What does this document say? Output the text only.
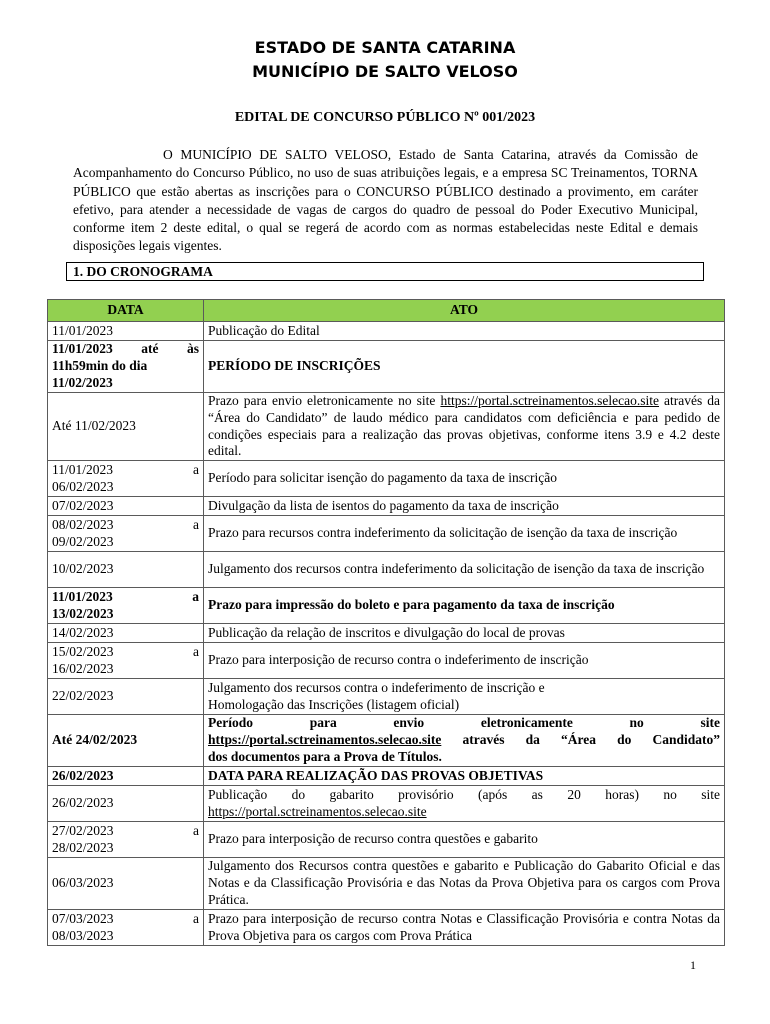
ESTADO DE SANTA CATARINA
MUNICÍPIO DE SALTO VELOSO
EDITAL DE CONCURSO PÚBLICO Nº 001/2023

O MUNICÍPIO DE SALTO VELOSO, Estado de Santa Catarina, através da Comissão de Acompanhamento do Concurso Público, no uso de suas atribuições legais, e a empresa SC Treinamentos, TORNA PÚBLICO que estão abertas as inscrições para o CONCURSO PÚBLICO destinado a provimento, em caráter efetivo, para atender a necessidade de vagas de cargos do quadro de pessoal do Poder Executivo Municipal, conforme item 2 deste edital, o qual se regerá de acordo com as normas estabelecidas neste Edital e demais disposições legais vigentes.

1. DO CRONOGRAMA
DATA	ATO
11/01/2023	Publicação do Edital

11/01/2023 até às
11h59min do dia
11/02/2023	PERÍODO DE INSCRIÇÕES
Até 11/02/2023	Prazo para envio eletronicamente no site https://portal.sctreinamentos.selecao.site através da “Área do Candidato” de laudo médico para candidatos com deficiência e para pedido de condições especiais para a realização das provas objetivas, conforme itens 3.9 e 4.2 deste edital.

11/01/2023 a
06/02/2023	Período para solicitar isenção do pagamento da taxa de inscrição
07/02/2023	Divulgação da lista de isentos do pagamento da taxa de inscrição

08/02/2023 a
09/02/2023	Prazo para recursos contra indeferimento da solicitação de isenção da taxa de inscrição
10/02/2023	Julgamento dos recursos contra indeferimento da solicitação de isenção da taxa de inscrição

11/01/2023 a
13/02/2023	Prazo para impressão do boleto e para pagamento da taxa de inscrição
14/02/2023	Publicação da relação de inscritos e divulgação do local de provas

15/02/2023 a
16/02/2023	Prazo para interposição de recurso contra o indeferimento de inscrição
22/02/2023	Julgamento dos recursos contra o indeferimento de inscrição e
Homologação das Inscrições (listagem oficial)

Até 24/02/2023	Período para envio eletronicamente no site
https://portal.sctreinamentos.selecao.site através da “Área do Candidato”
dos documentos para a Prova de Títulos.

26/02/2023	DATA PARA REALIZAÇÃO DAS PROVAS OBJETIVAS
26/02/2023	Publicação do gabarito provisório (após as 20 horas) no site
https://portal.sctreinamentos.selecao.site

27/02/2023 a
28/02/2023	Prazo para interposição de recurso contra questões e gabarito
06/03/2023	Julgamento dos Recursos contra questões e gabarito e Publicação do Gabarito Oficial e das Notas e da Classificação Provisória e das Notas da Prova Objetiva para os cargos com Prova Prática.

07/03/2023 a
08/03/2023	Prazo para interposição de recurso contra Notas e Classificação Provisória e contra Notas da Prova Objetiva para os cargos com Prova Prática
1
